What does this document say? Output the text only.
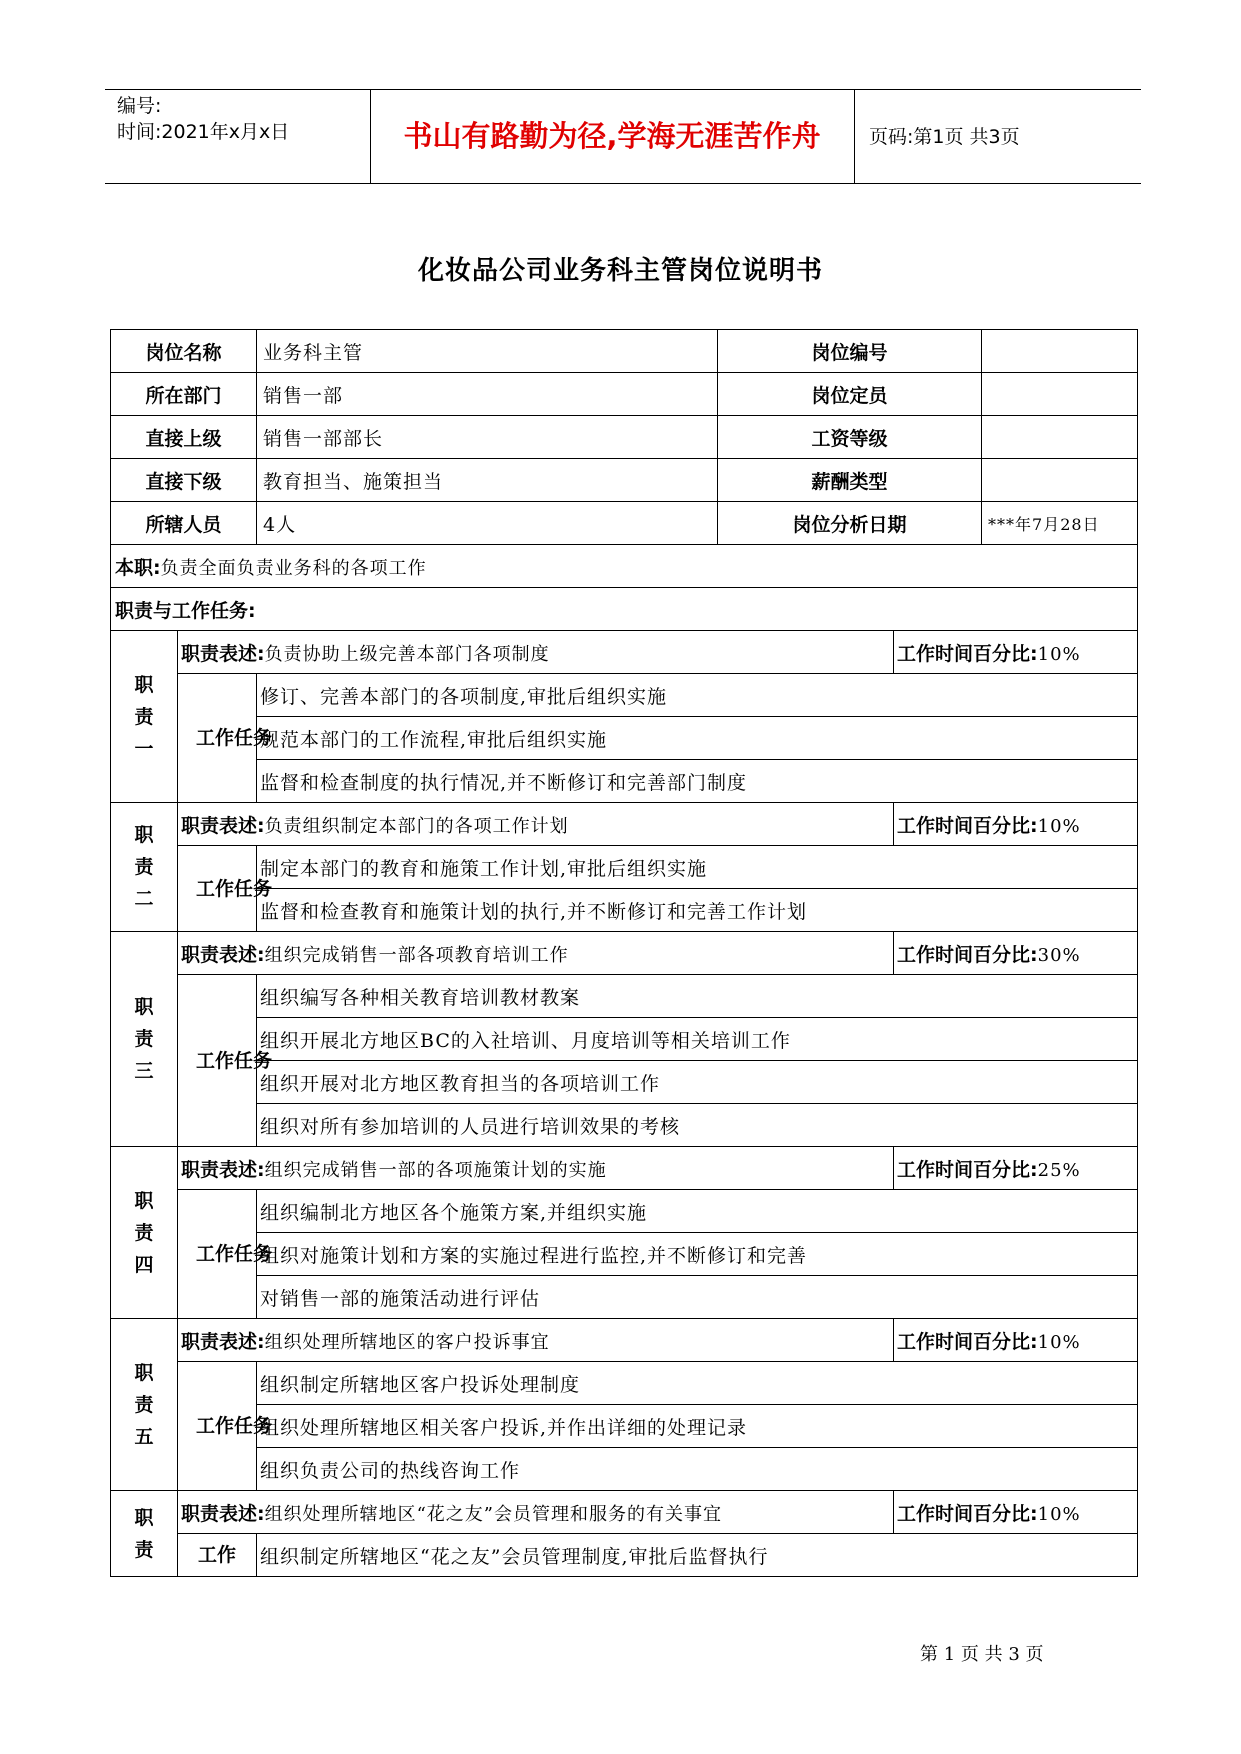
编号:
时间:2021年x月x日	书山有路勤为径,学海无涯苦作舟	页码:第1页 共3页
化妆品公司业务科主管岗位说明书
岗位名称		业务科主管	岗位编号		
所在部门		销售一部	岗位定员		
直接上级		销售一部部长	工资等级		
直接下级		教育担当、施策担当	薪酬类型		
所辖人员		4人	岗位分析日期		***年7月28日
本职:负责全面负责业务科的各项工作					
职责与工作任务:					

职
责
一	职责表述:负责协助上级完善本部门各项制度			工作时间百分比:10%	
	工作任务	修订、完善本部门的各项制度,审批后组织实施			
		规范本部门的工作流程,审批后组织实施			
		监督和检查制度的执行情况,并不断修订和完善部门制度			

职
责
二	职责表述:负责组织制定本部门的各项工作计划			工作时间百分比:10%	
	工作任务	制定本部门的教育和施策工作计划,审批后组织实施			
		监督和检查教育和施策计划的执行,并不断修订和完善工作计划			

职
责
三	职责表述:组织完成销售一部各项教育培训工作			工作时间百分比:30%	
	工作任务	组织编写各种相关教育培训教材教案			
		组织开展北方地区BC的入社培训、月度培训等相关培训工作			
		组织开展对北方地区教育担当的各项培训工作			
		组织对所有参加培训的人员进行培训效果的考核			

职
责
四	职责表述:组织完成销售一部的各项施策计划的实施			工作时间百分比:25%	
	工作任务	组织编制北方地区各个施策方案,并组织实施			
		组织对施策计划和方案的实施过程进行监控,并不断修订和完善			
		对销售一部的施策活动进行评估			

职
责
五	职责表述:组织处理所辖地区的客户投诉事宜			工作时间百分比:10%	
	工作任务	组织制定所辖地区客户投诉处理制度			
		组织处理所辖地区相关客户投诉,并作出详细的处理记录			
		组织负责公司的热线咨询工作			

职
责	职责表述:组织处理所辖地区“花之友”会员管理和服务的有关事宜			工作时间百分比:10%	
	工作	组织制定所辖地区“花之友”会员管理制度,审批后监督执行			
第 1 页 共 3 页
